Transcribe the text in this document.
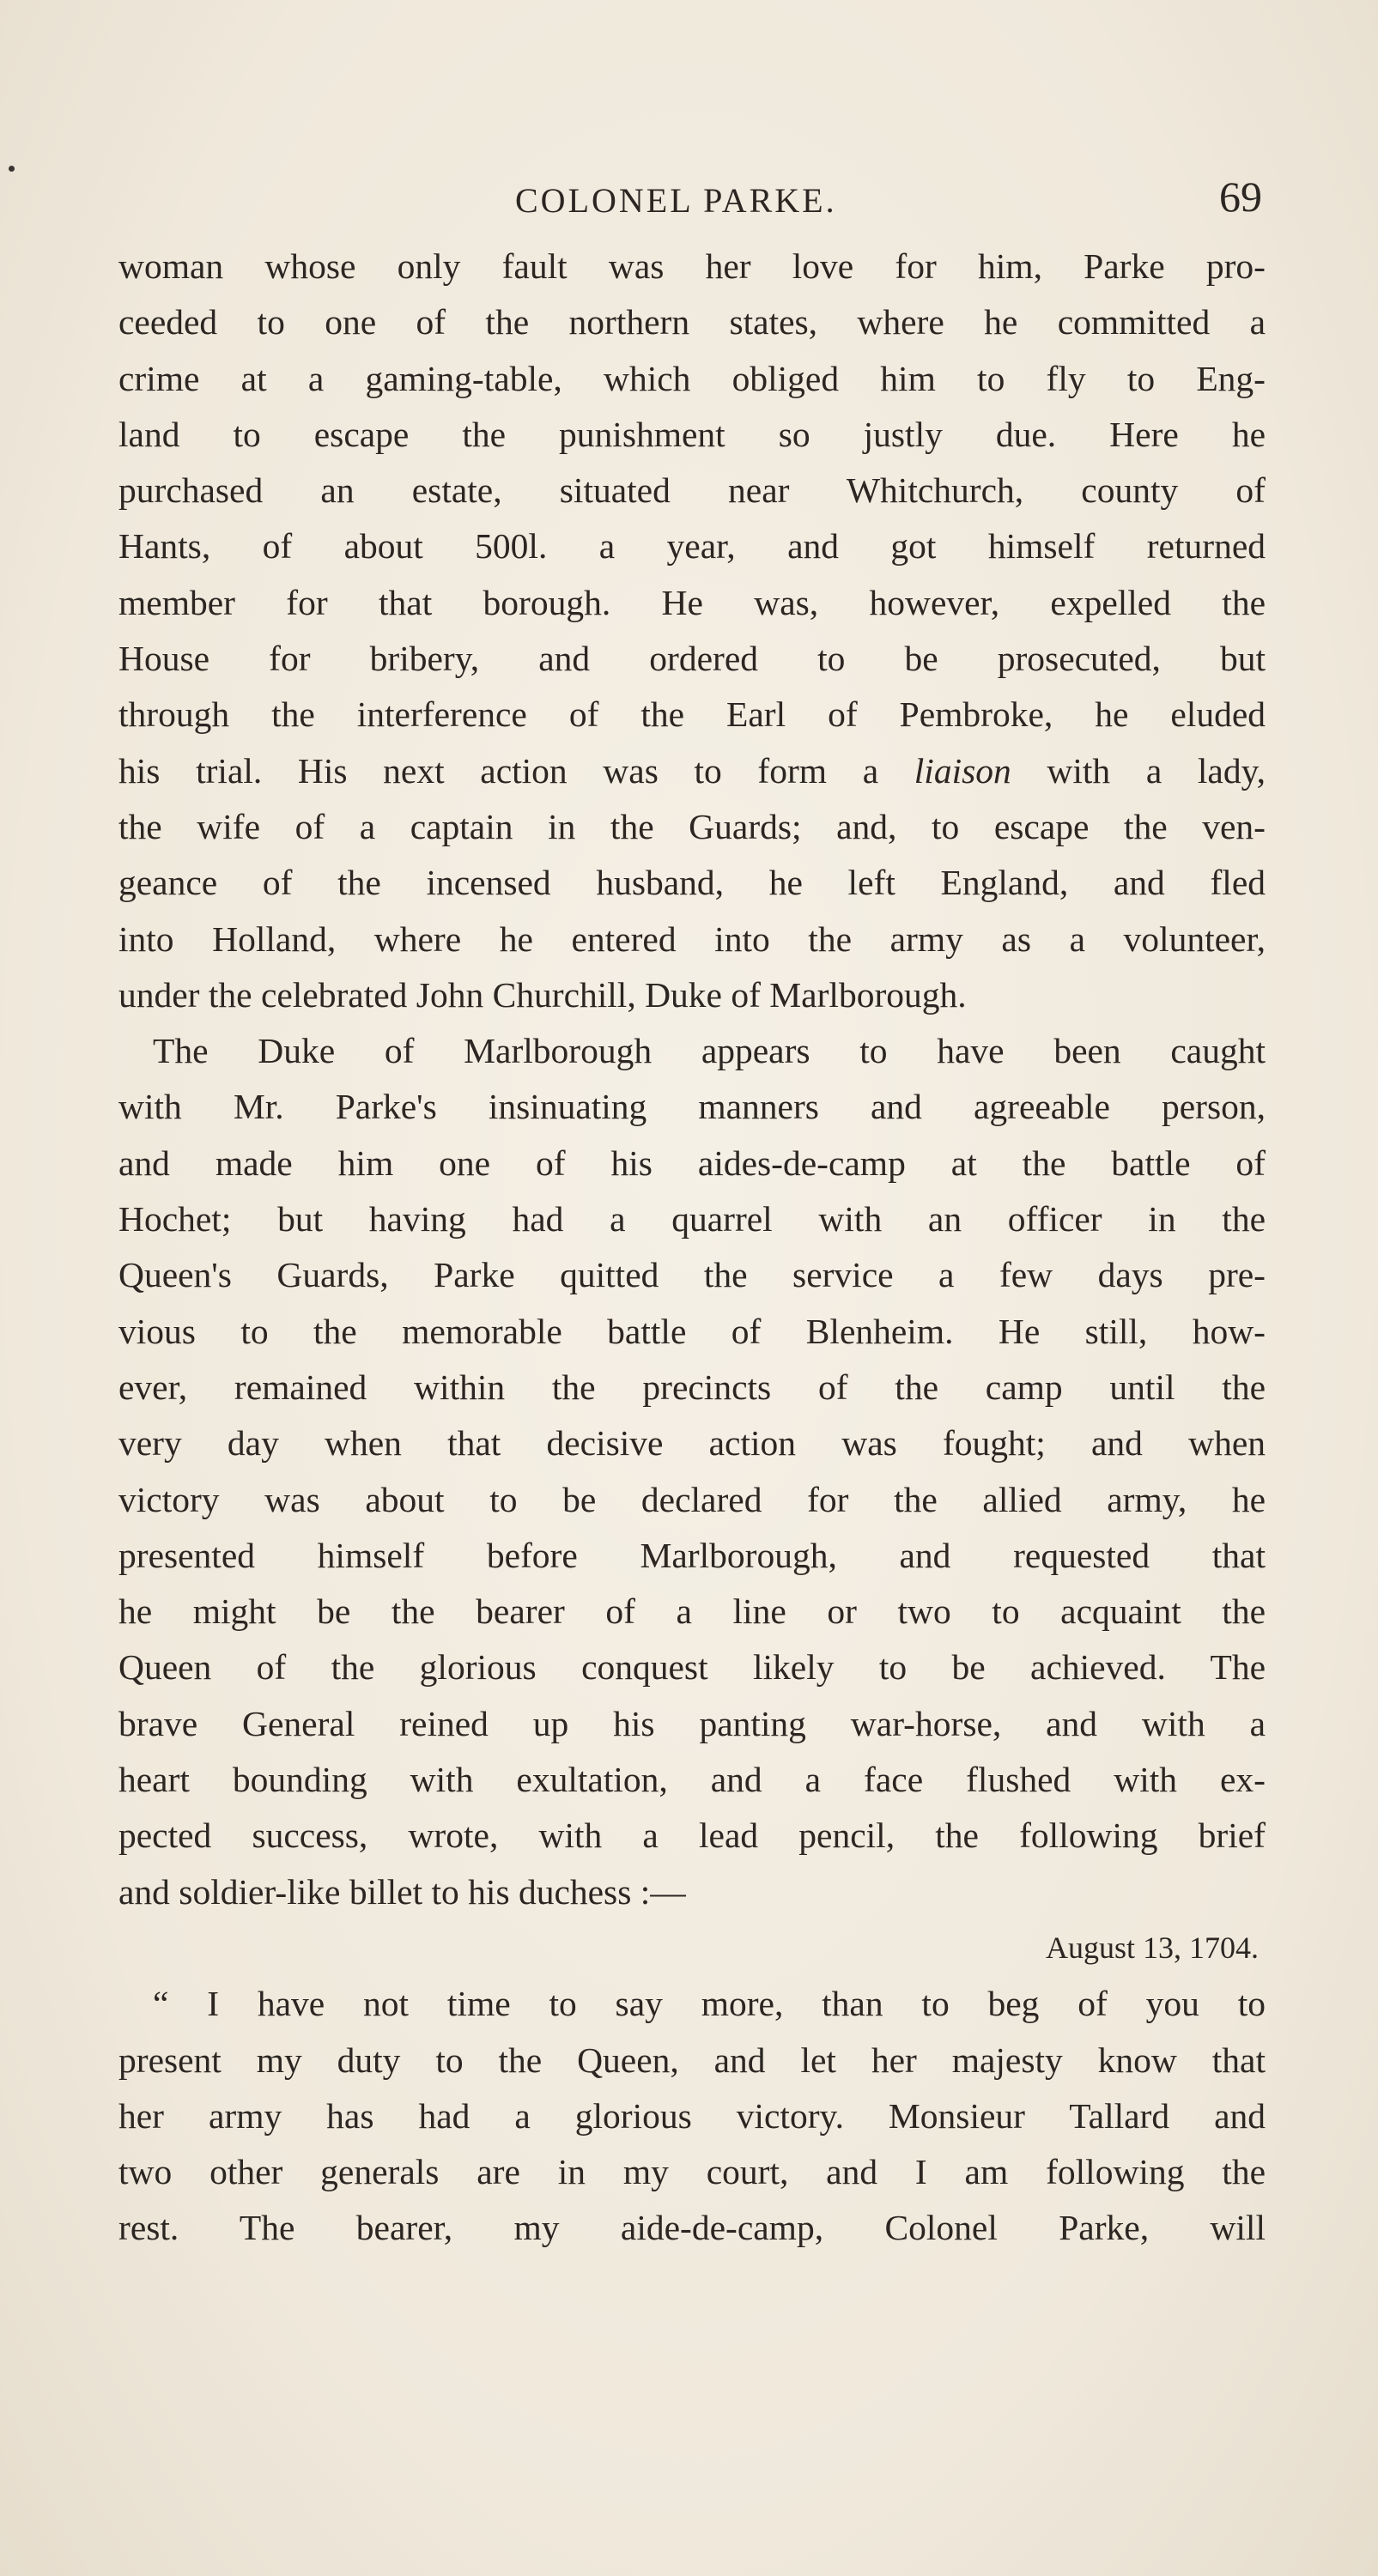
COLONEL PARKE.	69
woman whose only fault was her love for him, Parke pro-
ceeded to one of the northern states, where he committed a
crime at a gaming-table, which obliged him to fly to Eng-
land to escape the punishment so justly due. Here he
purchased an estate, situated near Whitchurch, county of
Hants, of about 500l. a year, and got himself returned
member for that borough. He was, however, expelled the
House for bribery, and ordered to be prosecuted, but
through the interference of the Earl of Pembroke, he eluded
his trial. His next action was to form a liaison with a lady,
the wife of a captain in the Guards; and, to escape the ven-
geance of the incensed husband, he left England, and fled
into Holland, where he entered into the army as a volunteer,
under the celebrated John Churchill, Duke of Marlborough.
The Duke of Marlborough appears to have been caught
with Mr. Parke's insinuating manners and agreeable person,
and made him one of his aides-de-camp at the battle of
Hochet; but having had a quarrel with an officer in the
Queen's Guards, Parke quitted the service a few days pre-
vious to the memorable battle of Blenheim. He still, how-
ever, remained within the precincts of the camp until the
very day when that decisive action was fought; and when
victory was about to be declared for the allied army, he
presented himself before Marlborough, and requested that
he might be the bearer of a line or two to acquaint the
Queen of the glorious conquest likely to be achieved. The
brave General reined up his panting war-horse, and with a
heart bounding with exultation, and a face flushed with ex-
pected success, wrote, with a lead pencil, the following brief
and soldier-like billet to his duchess :—
August 13, 1704.
“ I have not time to say more, than to beg of you to
present my duty to the Queen, and let her majesty know that
her army has had a glorious victory. Monsieur Tallard and
two other generals are in my court, and I am following the
rest. The bearer, my aide-de-camp, Colonel Parke, will
